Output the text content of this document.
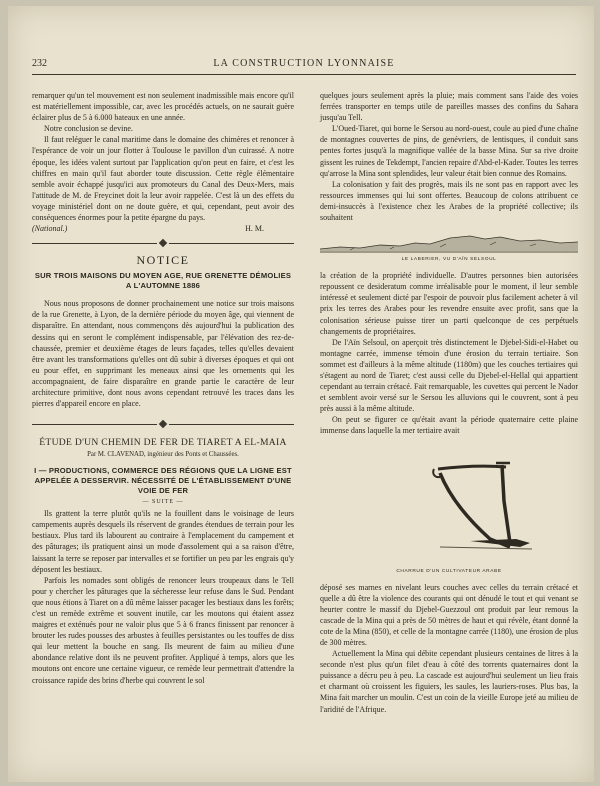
232	LA CONSTRUCTION LYONNAISE

remarquer qu'un tel mouvement est non seulement inadmissible mais encore qu'il est matériellement impossible, car, avec les procédés actuels, on ne saurait guère éclairer plus de 5 à 6.000 bateaux en une année.

Notre conclusion se devine.

Il faut reléguer le canal maritime dans le domaine des chimères et renoncer à l'espérance de voir un jour flotter à Toulouse le pavillon d'un cuirassé. A notre époque, les idées valent surtout par l'application qu'on peut en faire, et c'est les chiffres en main qu'il faut aborder toute discussion. Cette règle élémentaire semble avoir échappé jusqu'ici aux promoteurs du Canal des Deux-Mers, mais l'attitude de M. de Freycinet doit la leur avoir rappelée. C'est là un des effets du voyage ministériel dont on ne doute guère, et qui, cependant, peut avoir des conséquences énormes pour la petite épargne du pays.

(National.)	H. M.
NOTICE
SUR TROIS MAISONS DU MOYEN AGE, RUE GRENETTE DÉMOLIES A L'AUTOMNE 1886

Nous nous proposons de donner prochainement une notice sur trois maisons de la rue Grenette, à Lyon, de la dernière période du moyen âge, qui viennent de disparaître. En attendant, nous commençons dès aujourd'hui la publication des dessins qui en seront le complément indispensable, par l'élévation des rez-de-chaussée, premier et deuxième étages de leurs façades, telles qu'elles devaient être avant les transformations qu'elles ont dû subir à diverses époques et qui ont eu pour effet, en supprimant les meneaux ainsi que les ornements qui les accompagnaient, de faire disparaître en grande partie le caractère de leur architecture primitive, dont nous avons cependant retrouvé les traces dans les pierres d'appareil encore en place.

ÉTUDE D'UN CHEMIN DE FER DE TIARET A EL-MAIA
Par M. CLAVENAD, ingénieur des Ponts et Chaussées.
I — PRODUCTIONS, COMMERCE DES RÉGIONS QUE LA LIGNE EST APPELÉE A DESSERVIR. NÉCESSITÉ DE L'ÉTABLISSEMENT D'UNE VOIE DE FER
— SUITE —

Ils grattent la terre plutôt qu'ils ne la fouillent dans le voisinage de leurs campements auprès desquels ils réservent de grandes étendues de terrain pour les bestiaux. Plus tard ils labourent au contraire à l'emplacement du campement et des pâturages; ils pratiquent ainsi un mode d'assolement qui a sa raison d'être, laissant la terre se reposer par intervalles et se fortifier un peu par les engrais qu'y déposent les bestiaux.

Parfois les nomades sont obligés de renoncer leurs troupeaux dans le Tell pour y chercher les pâturages que la sécheresse leur refuse dans le Sud. Pendant que nous étions à Tiaret on a dû même laisser pacager les bestiaux dans les forêts; c'est un remède extrême et souvent inutile, car les moutons qui étaient assez maigres et exténués pour ne valoir plus que 5 à 6 francs finissent par renoncer à brouter les rudes pousses des arbustes à feuilles persistantes ou les touffes de diss qui leur mettent la bouche en sang. Ils meurent de faim au milieu d'une abondance relative dont ils ne peuvent profiter. Appliqué à temps, alors que les moutons ont encore une certaine vigueur, ce remède leur permettrait d'attendre la croissance rapide des brins d'herbe qui couvrent le sol

quelques jours seulement après la pluie; mais comment sans l'aide des voies ferrées transporter en temps utile de pareilles masses des confins du Sahara jusqu'au Tell.

L'Oued-Tiaret, qui borne le Sersou au nord-ouest, coule au pied d'une chaîne de montagnes couvertes de pins, de genévriers, de lentisques, il conduit sans pentes fortes jusqu'à la magnifique vallée de la basse Mina. Sur sa rive droite gissent les ruines de Tekdempt, l'ancien repaire d'Abd-el-Kader. Toutes les terres qu'arrose la Mina sont splendides, leur valeur était bien connue des Romains.

La colonisation y fait des progrès, mais ils ne sont pas en rapport avec les ressources immenses qui lui sont offertes. Beaucoup de colons attribuent ce demi-insuccès à l'existence chez les Arabes de la propriété collective; ils souhaitent

LE LABERIER, VU D'AÏN SELSOUL

la création de la propriété individuelle. D'autres personnes bien autorisées repoussent ce desideratum comme irréalisable pour le moment, il leur semble intéressé et seulement dicté par l'espoir de pouvoir plus facilement acheter à vil prix les terres des Arabes pour les revendre ensuite avec profit, sans que la colonisation sérieuse puisse tirer un parti quelconque de ces perpétuels changements de propriétaires.

De l'Aïn Selsoul, on aperçoit très distinctement le Djebel-Sidi-el-Habet ou montagne carrée, immense témoin d'une érosion du terrain tertiaire. Son sommet est d'ailleurs à la même altitude (1180m) que les couches tertiaires qui s'étagent au nord de Tiaret; c'est aussi celle du Djebel-el-Hellal qui appartient cependant au terrain crétacé. Fait remarquable, les cuvettes qui percent le Nador et semblent avoir versé sur le Sersou les alluvions qui le couvrent, sont à peu près aussi à la même altitude.

On peut se figurer ce qu'était avant la période quaternaire cette plaine immense dans laquelle la mer tertiaire avait

CHARRUE D'UN CULTIVATEUR ARABE

déposé ses marnes en nivelant leurs couches avec celles du terrain crétacé et quelle a dû être la violence des courants qui ont dénudé le tout et qui venant se heurter contre le massif du Djebel-Guezzoul ont produit par leur remous la cascade de la Mina qui a près de 50 mètres de haut et qui révèle, étant donné la cote de la Mina (850), et celle de la montagne carrée (1180), une érosion de plus de 300 mètres.

Actuellement la Mina qui débite cependant plusieurs centaines de litres à la seconde n'est plus qu'un filet d'eau à côté des torrents quaternaires dont la puissance a décru peu à peu. La cascade est aujourd'hui seulement un lieu frais et charmant où croissent les figuiers, les saules, les lauriers-roses. Plus bas, la Mina fait marcher un moulin. C'est un coin de la vieille Europe jeté au milieu de l'aridité de l'Afrique.
